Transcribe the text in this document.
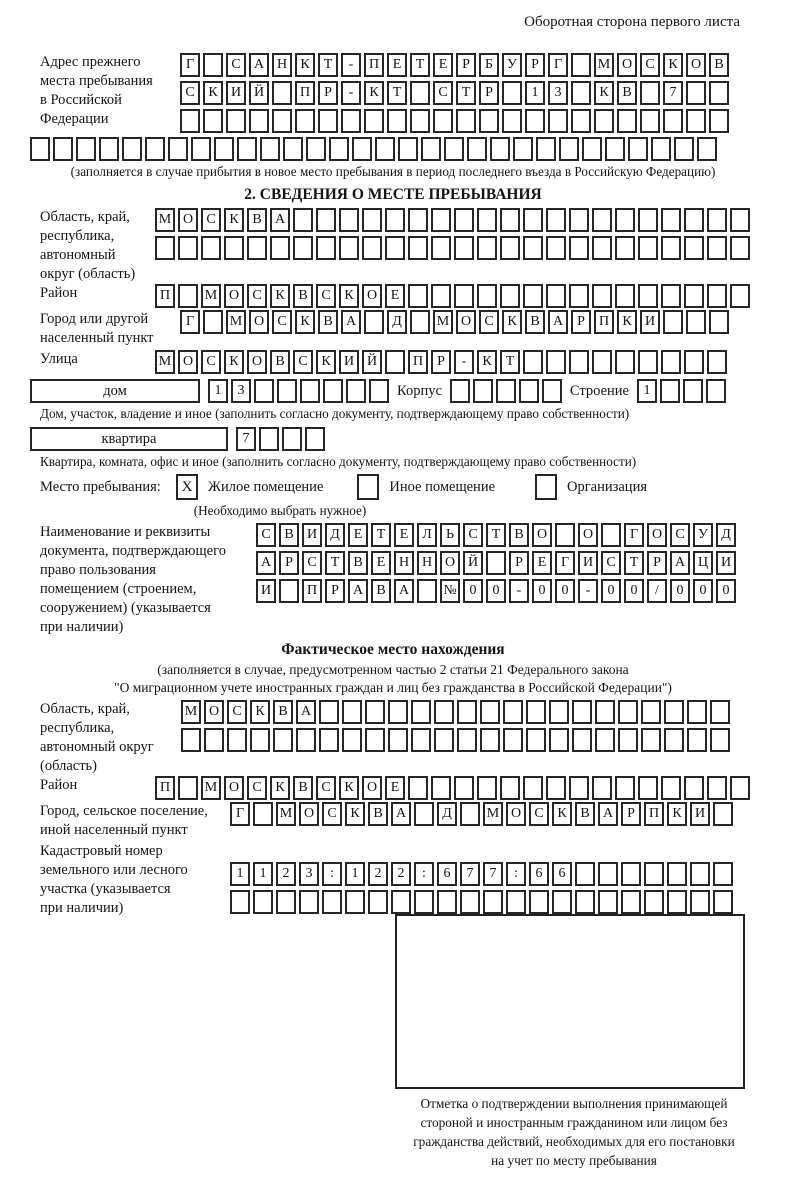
Оборотная сторона первого листа
Адрес прежнего
места пребывания
в Российской
Федерации
Г	С А Н К	Т	-	П Е	Т	Е	Р	Б	У	Р	Г	М О С К О В
С К И Й	П	Р	-	К	Т	С	Т	Р	1	3	К В	7
(заполняется в случае прибытия в новое место пребывания в период последнего въезда в Российскую Федерацию)
2. СВЕДЕНИЯ О МЕСТЕ ПРЕБЫВАНИЯ
Область, край,
республика,
автономный
округ (область)
М О С К В А
Район	П	М О С К В С К О Е
Город или другой
населенный пункт
Г	М О С К В А	Д	М О С К В А	Р	П К И
Улица	М О С К О В С К И Й	П	Р	-	К	Т
дом	1	3	Корпус	Строение	1
Дом, участок, владение и иное (заполнить согласно документу, подтверждающему право собственности)
квартира	7
Квартира, комната, офис и иное (заполнить согласно документу, подтверждающему право собственности)
Место пребывания:	X	Жилое помещение	Иное помещение	Организация
(Необходимо выбрать нужное)
Наименование и реквизиты
документа, подтверждающего
право пользования
помещением (строением,
сооружением) (указывается
при наличии)
С В И Д Е	Т	Е Л	Ь	С	Т	В О	О	Г О С У Д
А	Р	С	Т	В	Е Н Н О Й	Р	Е	Г И С	Т	Р	А Ц И
И	П	Р	А В А	№ 0	0	-	0	0	-	0	0	/	0	0	0
Фактическое место нахождения
(заполняется в случае, предусмотренном частью 2 статьи 21 Федерального закона
"О миграционном учете иностранных граждан и лиц без гражданства в Российской Федерации")
Область, край,
республика,
автономный округ
(область)
М О С К В А
Район	П	М О С К В С К О Е
Город, сельское поселение,
иной населенный пункт
Г	М О С К В А	Д	М О С К В А	Р	П К И
Кадастровый номер
земельного или лесного
участка (указывается
при наличии)
1	1	2	3	:	1	2	2	:	6	7	7	:	6	6
Отметка о подтверждении выполнения принимающей
стороной и иностранным гражданином или лицом без
гражданства действий, необходимых для его постановки
на учет по месту пребывания
